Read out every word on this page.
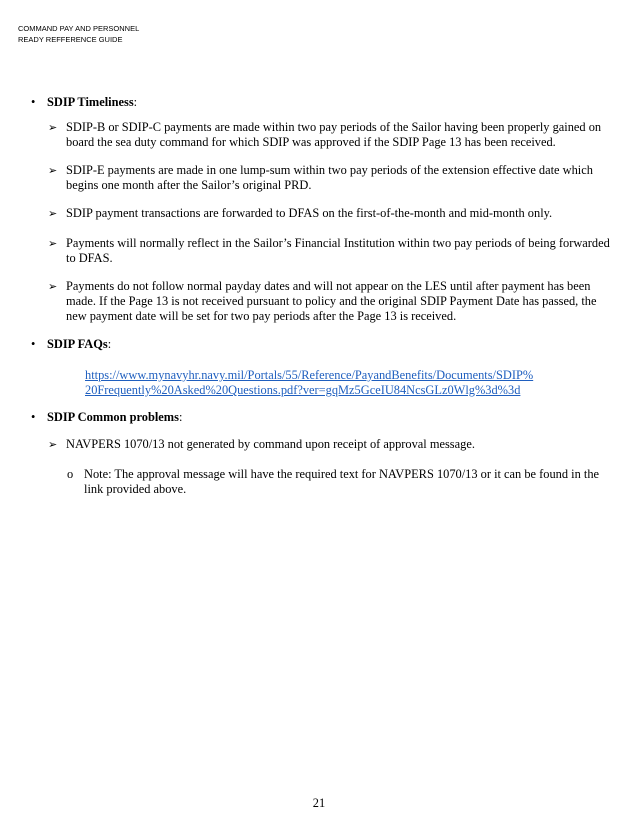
COMMAND PAY AND PERSONNEL
READY REFFERENCE GUIDE
• SDIP Timeliness:
➢ SDIP-B or SDIP-C payments are made within two pay periods of the Sailor having been properly gained on board the sea duty command for which SDIP was approved if the SDIP Page 13 has been received.
➢ SDIP-E payments are made in one lump-sum within two pay periods of the extension effective date which begins one month after the Sailor’s original PRD.
➢ SDIP payment transactions are forwarded to DFAS on the first-of-the-month and mid-month only.
➢ Payments will normally reflect in the Sailor’s Financial Institution within two pay periods of being forwarded to DFAS.
➢ Payments do not follow normal payday dates and will not appear on the LES until after payment has been made. If the Page 13 is not received pursuant to policy and the original SDIP Payment Date has passed, the new payment date will be set for two pay periods after the Page 13 is received.
• SDIP FAQs:
https://www.mynavyhr.navy.mil/Portals/55/Reference/PayandBenefits/Documents/SDIP%
20Frequently%20Asked%20Questions.pdf?ver=gqMz5GceIU84NcsGLz0Wlg%3d%3d
• SDIP Common problems:
➢ NAVPERS 1070/13 not generated by command upon receipt of approval message.
o Note: The approval message will have the required text for NAVPERS 1070/13 or it can be found in the link provided above.
21
